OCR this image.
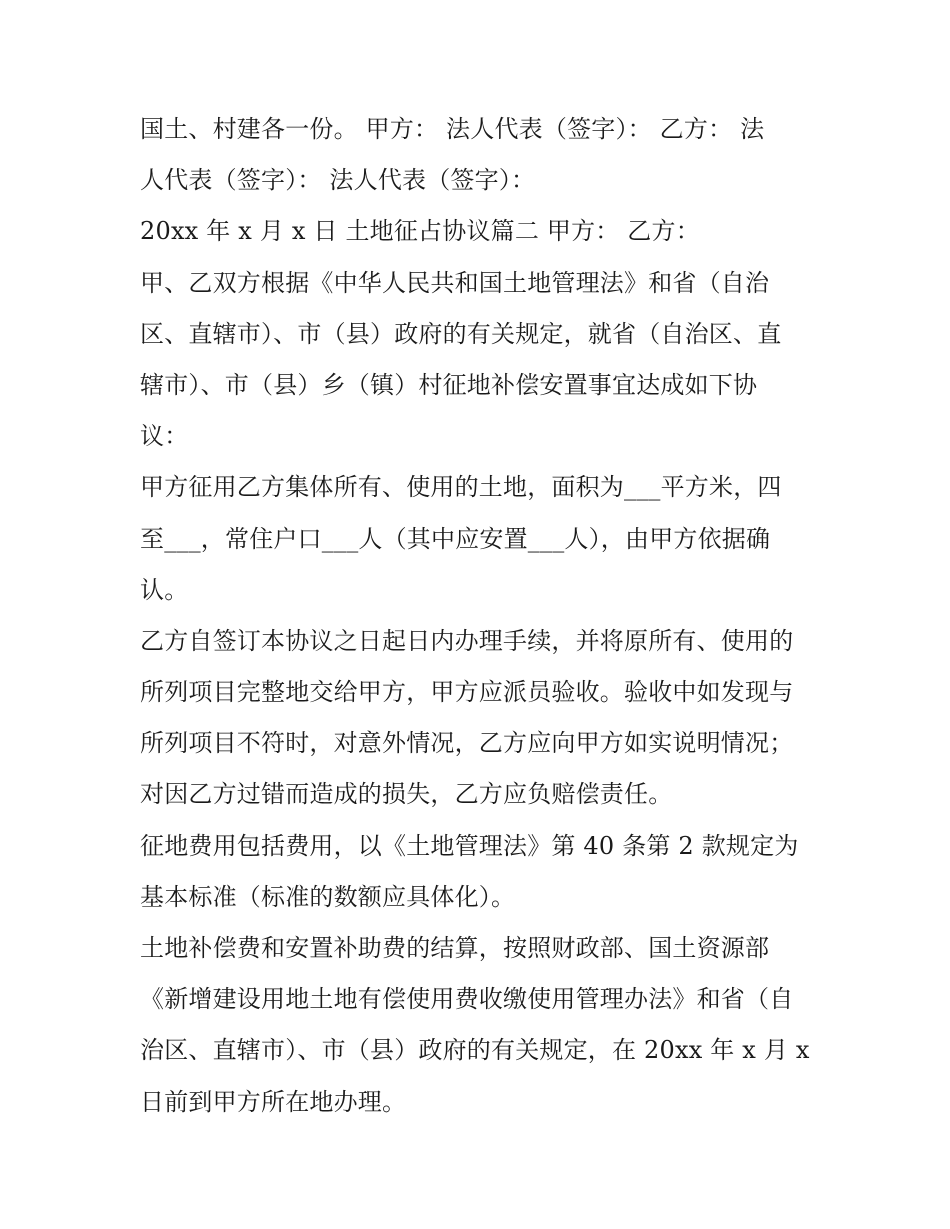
国土、村建各一份。 甲方： 法人代表（签字）： 乙方： 法
人代表（签字）： 法人代表（签字）：
20xx 年 x 月 x 日 土地征占协议篇二 甲方： 乙方：
甲、乙双方根据《中华人民共和国土地管理法》和省（自治
区、直辖市）、市（县）政府的有关规定，就省（自治区、直
辖市）、市（县）乡（镇）村征地补偿安置事宜达成如下协
议：
甲方征用乙方集体所有、使用的土地，面积为___平方米，四
至___，常住户口___人（其中应安置___人），由甲方依据确
认。
乙方自签订本协议之日起日内办理手续，并将原所有、使用的
所列项目完整地交给甲方，甲方应派员验收。验收中如发现与
所列项目不符时，对意外情况，乙方应向甲方如实说明情况；
对因乙方过错而造成的损失，乙方应负赔偿责任。
征地费用包括费用，以《土地管理法》第 40 条第 2 款规定为
基本标准（标准的数额应具体化）。
土地补偿费和安置补助费的结算，按照财政部、国土资源部
《新增建设用地土地有偿使用费收缴使用管理办法》和省（自
治区、直辖市）、市（县）政府的有关规定，在 20xx 年 x 月 x
日前到甲方所在地办理。
